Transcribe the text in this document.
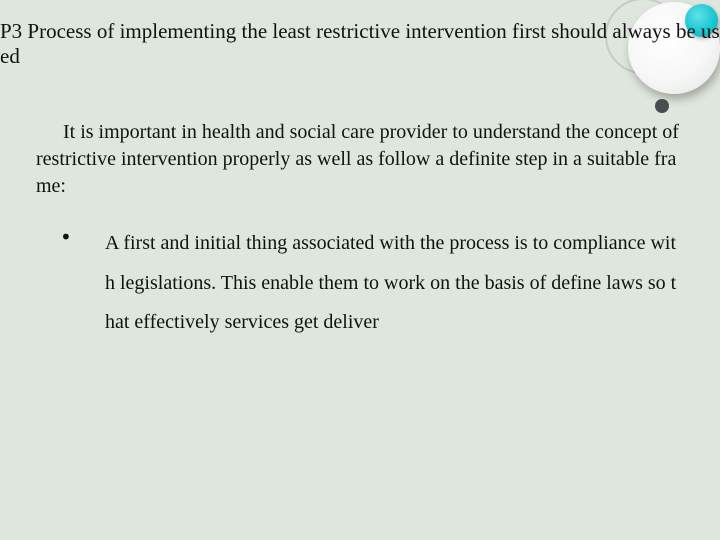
P3 Process of implementing the least restrictive intervention first should always be used
It is important in health and social care provider to understand the concept of restrictive intervention properly as well as follow a definite step in a suitable frame:
• A first and initial thing associated with the process is to compliance with legislations. This enable them to work on the basis of define laws so that effectively services get deliver
